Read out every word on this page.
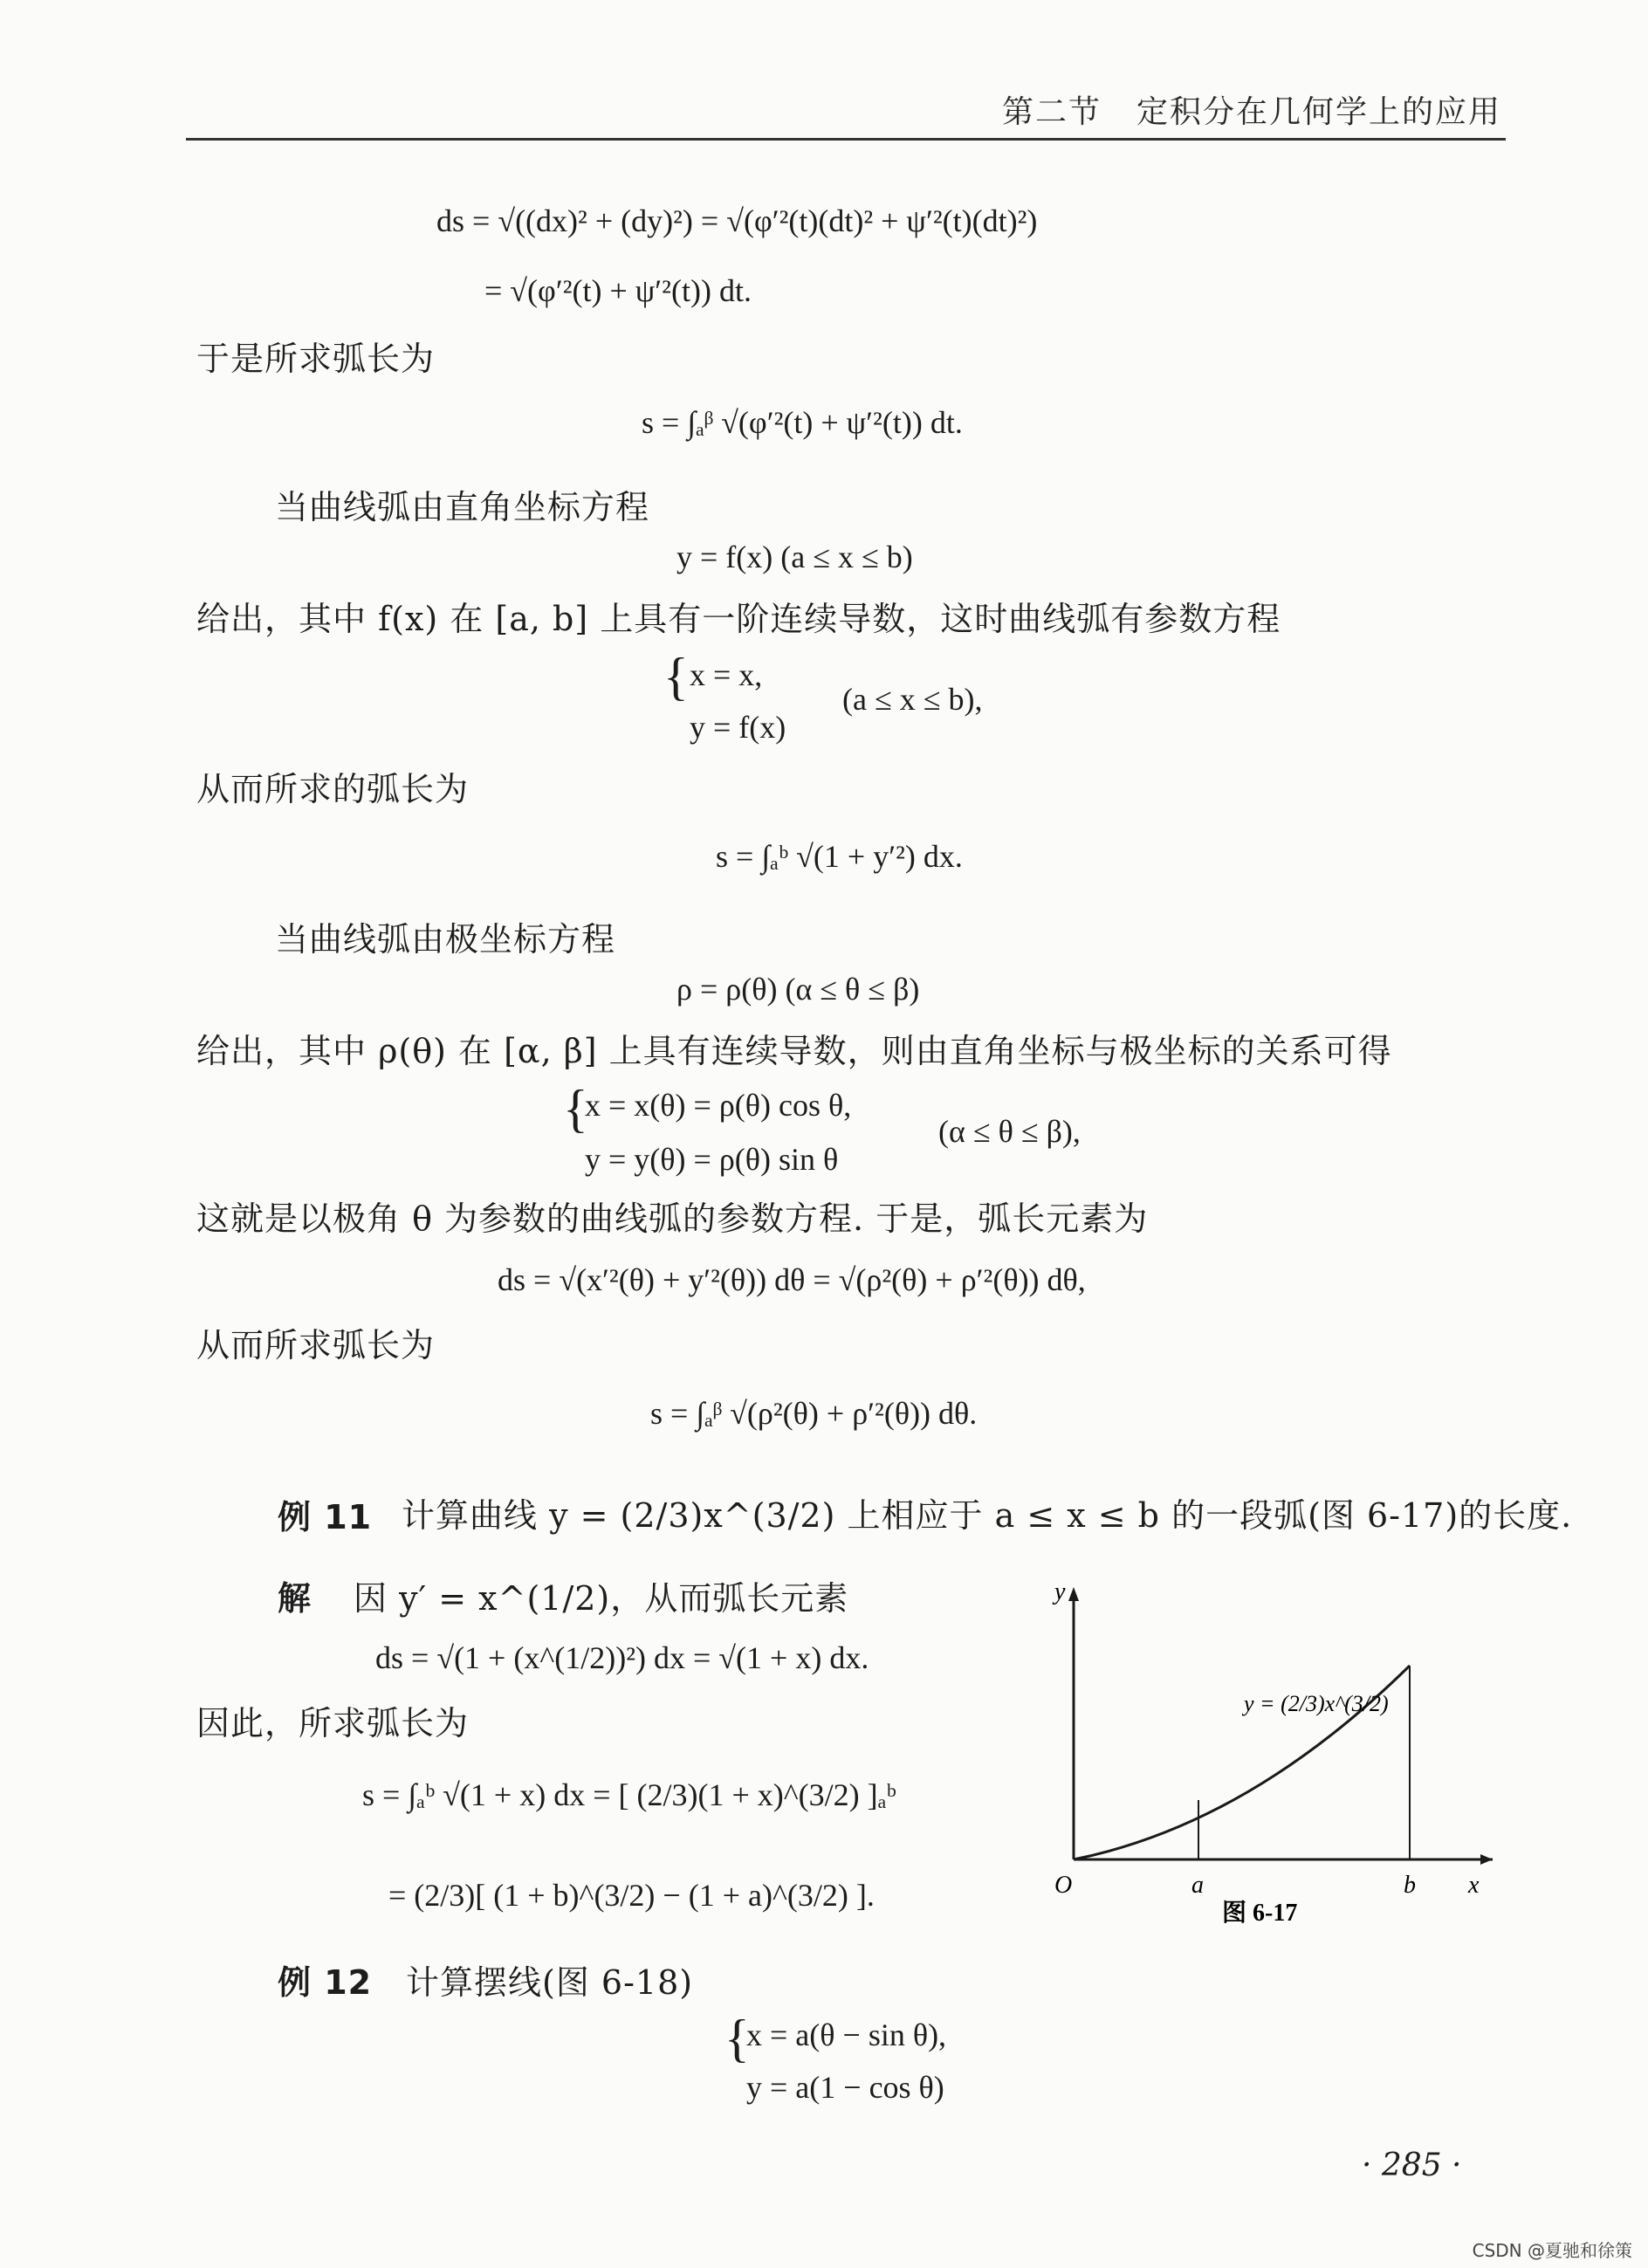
第二节 定积分在几何学上的应用
ds = √((dx)² + (dy)²) = √(φ′²(t)(dt)² + ψ′²(t)(dt)²)
= √(φ′²(t) + ψ′²(t)) dt.
于是所求弧长为
s = ∫ₐᵝ √(φ′²(t) + ψ′²(t)) dt.
当曲线弧由直角坐标方程
y = f(x) (a ≤ x ≤ b)
给出，其中 f(x) 在 [a, b] 上具有一阶连续导数，这时曲线弧有参数方程
{ x = x,
y = f(x)
(a ≤ x ≤ b),
从而所求的弧长为
s = ∫ₐᵇ √(1 + y′²) dx.
当曲线弧由极坐标方程
ρ = ρ(θ) (α ≤ θ ≤ β)
给出，其中 ρ(θ) 在 [α, β] 上具有连续导数，则由直角坐标与极坐标的关系可得
{
x = x(θ) = ρ(θ) cos θ,
y = y(θ) = ρ(θ) sin θ
(α ≤ θ ≤ β),
这就是以极角 θ 为参数的曲线弧的参数方程. 于是，弧长元素为
ds = √(x′²(θ) + y′²(θ)) dθ = √(ρ²(θ) + ρ′²(θ)) dθ,
从而所求弧长为
s = ∫ₐᵝ √(ρ²(θ) + ρ′²(θ)) dθ.
例 11 计算曲线 y = (2/3)x^(3/2) 上相应于 a ≤ x ≤ b 的一段弧(图 6-17)的长度.
解 因 y′ = x^(1/2)，从而弧长元素
ds = √(1 + (x^(1/2))²) dx = √(1 + x) dx.
因此，所求弧长为
s = ∫ₐᵇ √(1 + x) dx = [ (2/3)(1 + x)^(3/2) ]ₐᵇ
= (2/3)[ (1 + b)^(3/2) − (1 + a)^(3/2) ].
y
x
O	a	b
y = (2/3)x^(3/2)
图 6-17
例 12 计算摆线(图 6-18)
{
x = a(θ − sin θ),
y = a(1 − cos θ)
· 285 ·
CSDN @夏驰和徐策
